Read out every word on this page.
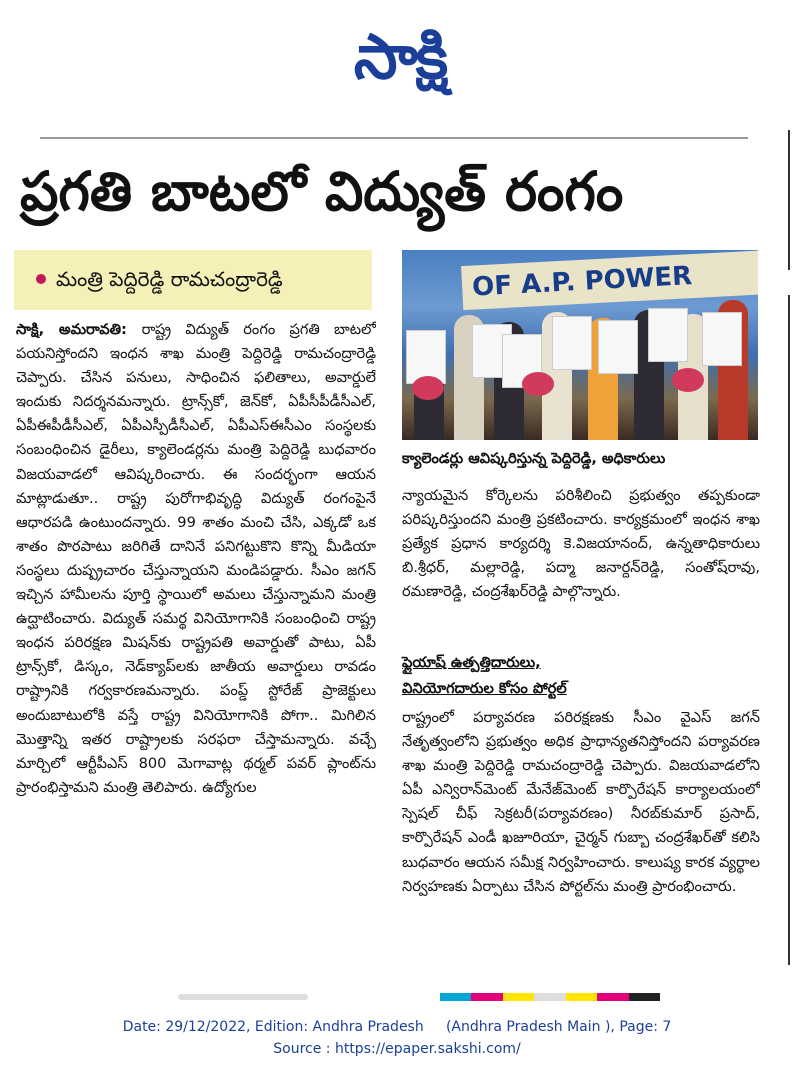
సాక్షి
ప్రగతి బాటలో విద్యుత్ రంగం
మంత్రి పెద్దిరెడ్డి రామచంద్రారెడ్డి
సాక్షి, అమరావతి: రాష్ట్ర విద్యుత్ రంగం ప్రగతి బాటలో పయనిస్తోందని ఇంధన శాఖ మంత్రి పెద్దిరెడ్డి రామచంద్రారెడ్డి చెప్పారు. చేసిన పనులు, సాధించిన ఫలితాలు, అవార్డులే ఇందుకు నిదర్శనమన్నారు. ట్రాన్స్‌కో, జెన్‌కో, ఏపీసీపీడీసీఎల్, ఏపీఈపీడీసీఎల్, ఏపీఎస్పీడీసీఎల్, ఏపీఎస్ఈసీఎం సంస్థలకు సంబంధించిన డైరీలు, క్యాలెండర్లను మంత్రి పెద్దిరెడ్డి బుధవారం విజయవాడలో ఆవిష్కరించారు. ఈ సందర్భంగా ఆయన మాట్లాడుతూ.. రాష్ట్ర పురోగాభివృద్ధి విద్యుత్ రంగంపైనే ఆధారపడి ఉంటుందన్నారు. 99 శాతం మంచి చేసి, ఎక్కడో ఒక శాతం పొరపాటు జరిగితే దానినే పనిగట్టుకొని కొన్ని మీడియా సంస్థలు దుష్ప్రచారం చేస్తున్నాయని మండిపడ్డారు. సీఎం జగన్ ఇచ్చిన హామీలను పూర్తి స్థాయిలో అమలు చేస్తున్నామని మంత్రి ఉద్ఘాటించారు. విద్యుత్ సమర్థ వినియోగానికి సంబంధించి రాష్ట్ర ఇంధన పరిరక్షణ మిషన్‌కు రాష్ట్రపతి అవార్డుతో పాటు, ఏపీ ట్రాన్స్‌కో, డిస్కం, నెడ్‌క్యాప్‌లకు జాతీయ అవార్డులు రావడం రాష్ట్రానికి గర్వకారణమన్నారు. పంప్డ్ స్టోరేజ్ ప్రాజెక్టులు అందుబాటులోకి వస్తే రాష్ట్ర వినియోగానికి పోగా.. మిగిలిన మొత్తాన్ని ఇతర రాష్ట్రాలకు సరఫరా చేస్తామన్నారు. వచ్చే మార్చిలో ఆర్టీపీఎస్ 800 మెగావాట్ల థర్మల్ పవర్ ప్లాంట్‌ను ప్రారంభిస్తామని మంత్రి తెలిపారు. ఉద్యోగుల
OF A.P. POWER
క్యాలెండర్లు ఆవిష్కరిస్తున్న పెద్దిరెడ్డి, అధికారులు
న్యాయమైన కోర్కెలను పరిశీలించి ప్రభుత్వం తప్పకుండా పరిష్కరిస్తుందని మంత్రి ప్రకటించారు. కార్యక్రమంలో ఇంధన శాఖ ప్రత్యేక ప్రధాన కార్యదర్శి కె.విజయానంద్, ఉన్నతాధికారులు బి.శ్రీధర్, మల్లారెడ్డి, పద్మా జనార్దన్‌రెడ్డి, సంతోష్‌రావు, రమణారెడ్డి, చంద్రశేఖర్‌రెడ్డి పాల్గొన్నారు.
ఫ్లైయాష్ ఉత్పత్తిదారులు,
వినియోగదారుల కోసం పోర్టల్
రాష్ట్రంలో పర్యావరణ పరిరక్షణకు సీఎం వైఎస్ జగన్ నేతృత్వంలోని ప్రభుత్వం అధిక ప్రాధాన్యతనిస్తోందని పర్యావరణ శాఖ మంత్రి పెద్దిరెడ్డి రామచంద్రారెడ్డి చెప్పారు. విజయవాడలోని ఏపీ ఎన్విరాన్‌మెంట్ మేనేజ్‌మెంట్ కార్పొరేషన్ కార్యాలయంలో స్పెషల్ చీఫ్ సెక్రటరీ(పర్యావరణం) నీరబ్‌కుమార్ ప్రసాద్, కార్పొరేషన్ ఎండీ ఖజూరియా, చైర్మన్ గుబ్బా చంద్రశేఖర్‌తో కలిసి బుధవారం ఆయన సమీక్ష నిర్వహించారు. కాలుష్య కారక వ్యర్థాల నిర్వహణకు ఏర్పాటు చేసిన పోర్టల్‌ను మంత్రి ప్రారంభించారు.
Date: 29/12/2022, Edition: Andhra Pradesh     (Andhra Pradesh Main ), Page: 7
Source : https://epaper.sakshi.com/
